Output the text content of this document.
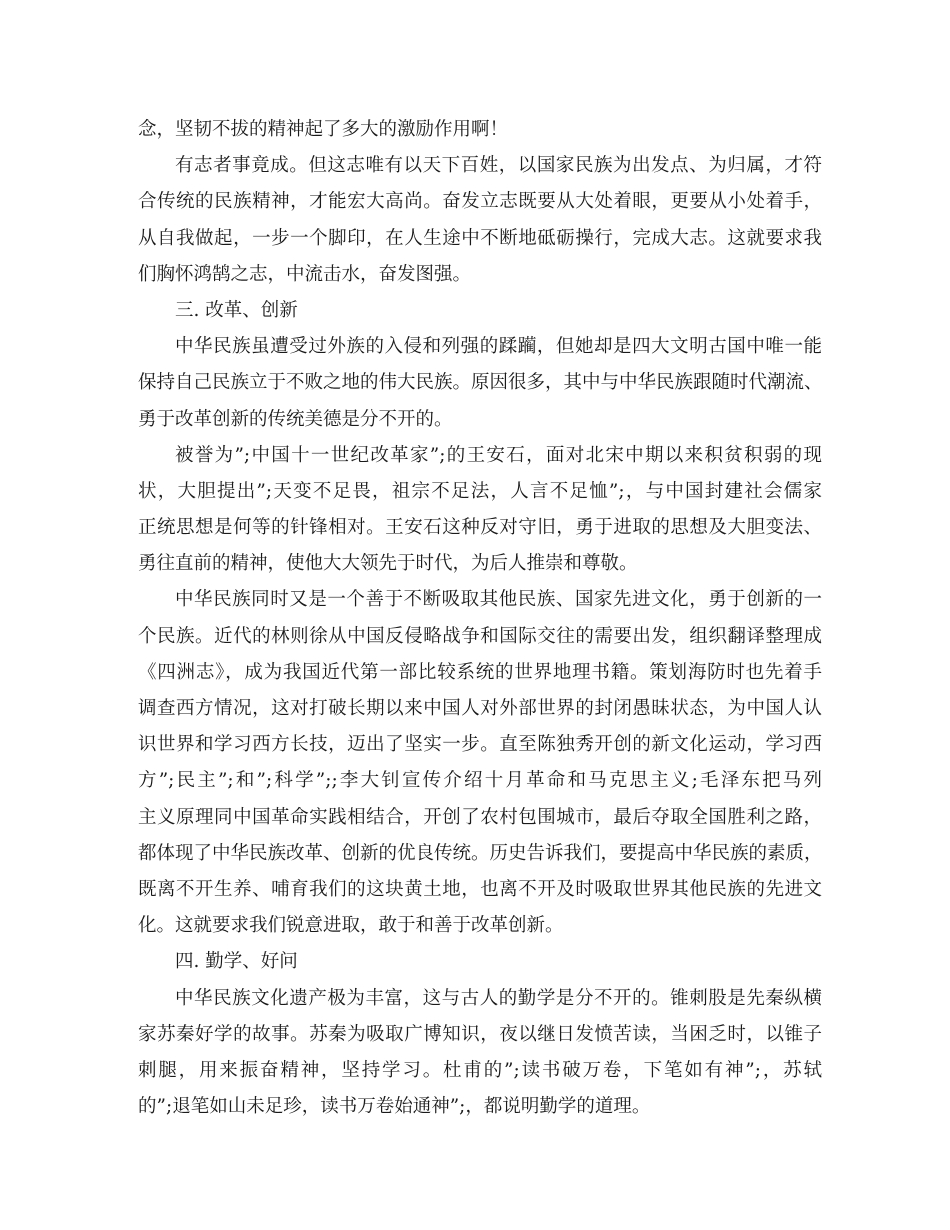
念，坚韧不拔的精神起了多大的激励作用啊！
有志者事竟成。但这志唯有以天下百姓，以国家民族为出发点、为归属，才符
合传统的民族精神，才能宏大高尚。奋发立志既要从大处着眼，更要从小处着手，
从自我做起，一步一个脚印，在人生途中不断地砥砺操行，完成大志。这就要求我
们胸怀鸿鹄之志，中流击水，奋发图强。
三. 改革、创新
中华民族虽遭受过外族的入侵和列强的蹂躏，但她却是四大文明古国中唯一能
保持自己民族立于不败之地的伟大民族。原因很多，其中与中华民族跟随时代潮流、
勇于改革创新的传统美德是分不开的。
被誉为”;中国十一世纪改革家”;的王安石，面对北宋中期以来积贫积弱的现
状，大胆提出”;天变不足畏，祖宗不足法，人言不足恤”;，与中国封建社会儒家
正统思想是何等的针锋相对。王安石这种反对守旧，勇于进取的思想及大胆变法、
勇往直前的精神，使他大大领先于时代，为后人推崇和尊敬。
中华民族同时又是一个善于不断吸取其他民族、国家先进文化，勇于创新的一
个民族。近代的林则徐从中国反侵略战争和国际交往的需要出发，组织翻译整理成
《四洲志》，成为我国近代第一部比较系统的世界地理书籍。策划海防时也先着手
调查西方情况，这对打破长期以来中国人对外部世界的封闭愚昧状态，为中国人认
识世界和学习西方长技，迈出了坚实一步。直至陈独秀开创的新文化运动，学习西
方”;民主”;和”;科学”;;李大钊宣传介绍十月革命和马克思主义;毛泽东把马列
主义原理同中国革命实践相结合，开创了农村包围城市，最后夺取全国胜利之路，
都体现了中华民族改革、创新的优良传统。历史告诉我们，要提高中华民族的素质，
既离不开生养、哺育我们的这块黄土地，也离不开及时吸取世界其他民族的先进文
化。这就要求我们锐意进取，敢于和善于改革创新。
四. 勤学、好问
中华民族文化遗产极为丰富，这与古人的勤学是分不开的。锥刺股是先秦纵横
家苏秦好学的故事。苏秦为吸取广博知识，夜以继日发愤苦读，当困乏时，以锥子
刺腿，用来振奋精神，坚持学习。杜甫的”;读书破万卷，下笔如有神”;，苏轼
的”;退笔如山未足珍，读书万卷始通神”;，都说明勤学的道理。
